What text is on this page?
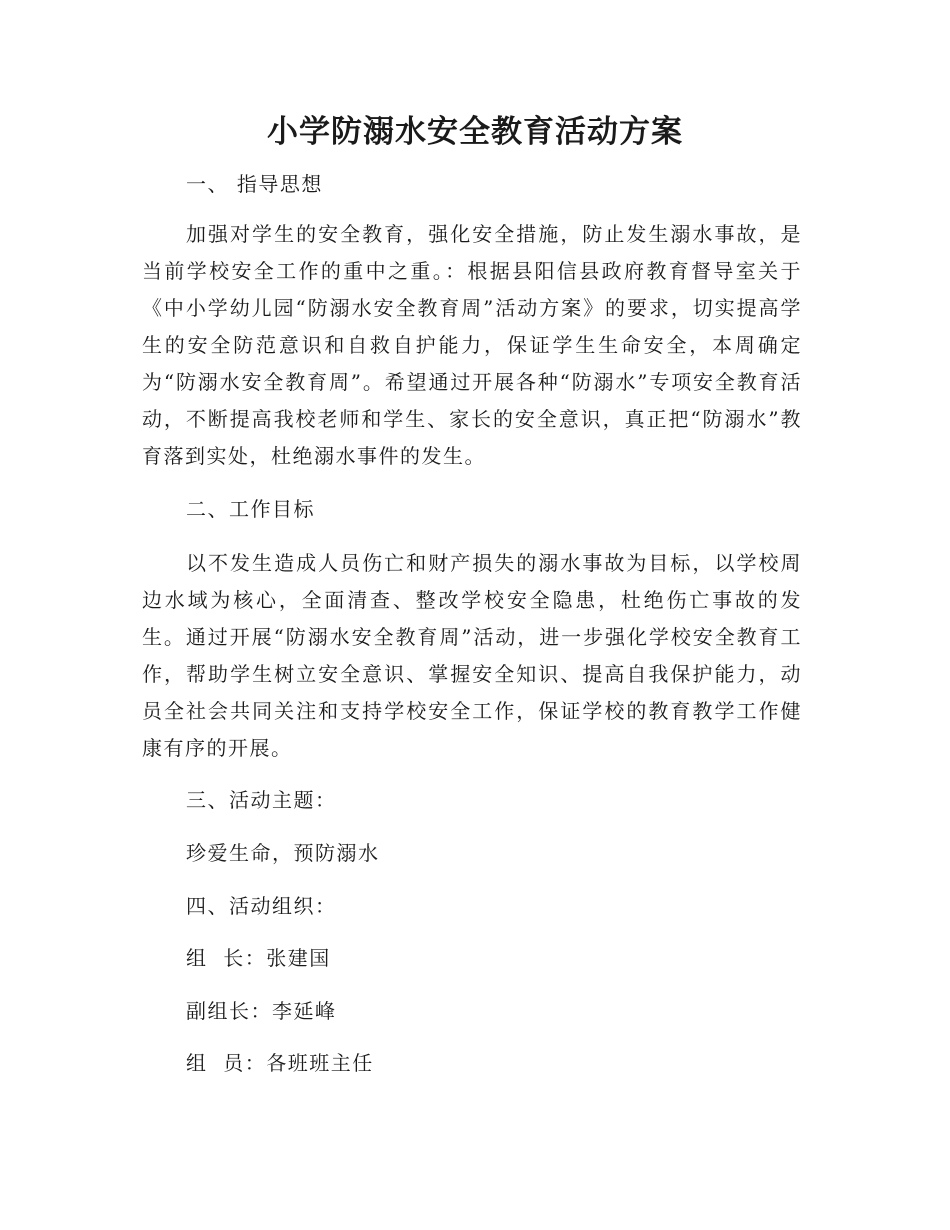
小学防溺水安全教育活动方案

一、 指导思想

加强对学生的安全教育，强化安全措施，防止发生溺水事故，是当前学校安全工作的重中之重。：根据县阳信县政府教育督导室关于《中小学幼儿园“防溺水安全教育周”活动方案》的要求，切实提高学生的安全防范意识和自救自护能力，保证学生生命安全，本周确定为“防溺水安全教育周”。希望通过开展各种“防溺水”专项安全教育活动，不断提高我校老师和学生、家长的安全意识，真正把“防溺水”教育落到实处，杜绝溺水事件的发生。

二、工作目标

以不发生造成人员伤亡和财产损失的溺水事故为目标，以学校周边水域为核心，全面清查、整改学校安全隐患，杜绝伤亡事故的发生。通过开展“防溺水安全教育周”活动，进一步强化学校安全教育工作，帮助学生树立安全意识、掌握安全知识、提高自我保护能力，动员全社会共同关注和支持学校安全工作，保证学校的教育教学工作健康有序的开展。

三、活动主题：

珍爱生命，预防溺水

四、活动组织：

组  长：张建国

副组长：李延峰

组  员：各班班主任
